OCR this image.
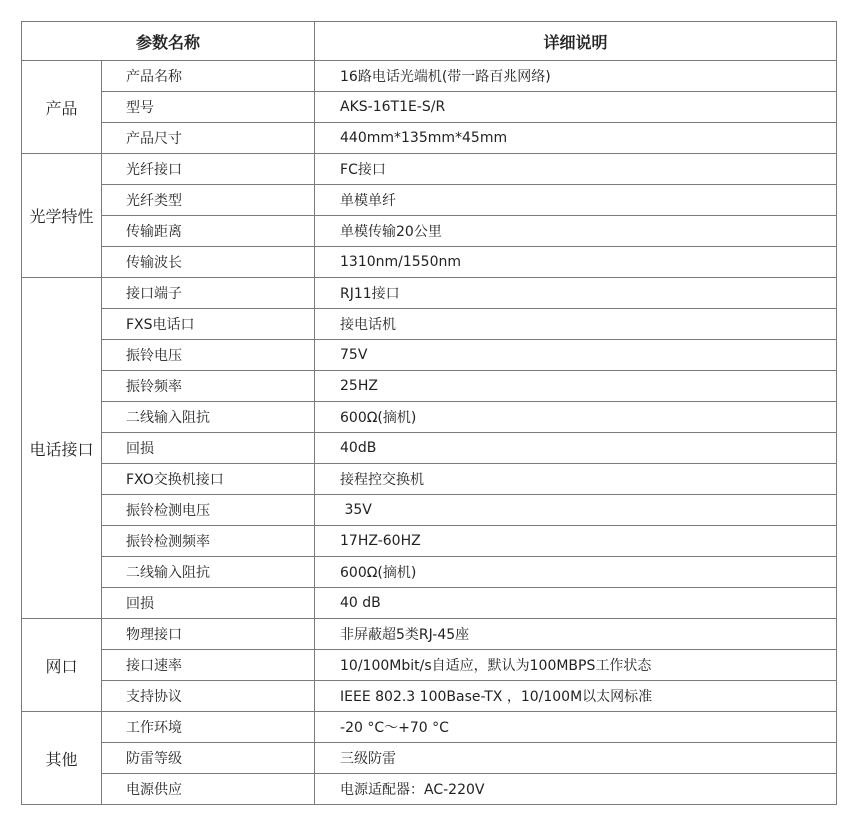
参数名称		详细说明
产品	产品名称	16路电话光端机(带一路百兆网络)
	型号	AKS-16T1E-S/R
	产品尺寸	440mm*135mm*45mm
光学特性	光纤接口	FC接口
	光纤类型	单模单纤
	传输距离	单模传输20公里
	传输波长	1310nm/1550nm
电话接口	接口端子	RJ11接口
	FXS电话口	接电话机
	振铃电压	75V
	振铃频率	25HZ
	二线输入阻抗	600Ω(摘机)
	回损	40dB
	FXO交换机接口	接程控交换机
	振铃检测电压	35V
	振铃检测频率	17HZ-60HZ
	二线输入阻抗	600Ω(摘机)
	回损	40 dB
网口	物理接口	非屏蔽超5类RJ-45座
	接口速率	10/100Mbit/s自适应，默认为100MBPS工作状态
	支持协议	IEEE 802.3 100Base-TX ，10/100M以太网标准
其他	工作环境	-20 °C～+70 °C
	防雷等级	三级防雷
	电源供应	电源适配器：AC-220V
